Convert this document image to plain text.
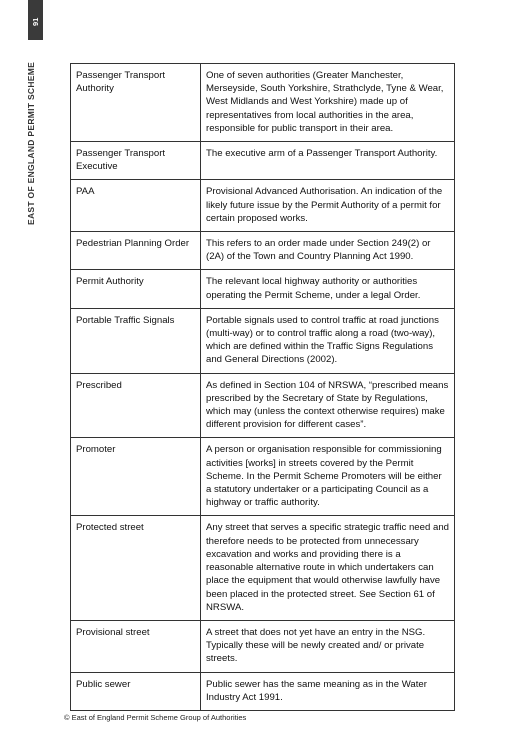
91
EAST OF ENGLAND PERMIT SCHEME	Passenger Transport Authority	One of seven authorities (Greater Manchester, Merseyside, South Yorkshire, Strathclyde, Tyne & Wear, West Midlands and West Yorkshire) made up of representatives from local authorities in the area, responsible for public transport in their area.
Passenger Transport Executive	The executive arm of a Passenger Transport Authority.
PAA	Provisional Advanced Authorisation. An indication of the likely future issue by the Permit Authority of a permit for certain proposed works.
Pedestrian Planning Order	This refers to an order made under Section 249(2) or (2A) of the Town and Country Planning Act 1990.
Permit Authority	The relevant local highway authority or authorities operating the Permit Scheme, under a legal Order.
Portable Traffic Signals	Portable signals used to control traffic at road junctions (multi-way) or to control traffic along a road (two-way), which are defined within the Traffic Signs Regulations and General Directions (2002).
Prescribed	As defined in Section 104 of NRSWA, “prescribed means prescribed by the Secretary of State by Regulations, which may (unless the context otherwise requires) make different provision for different cases”.
Promoter	A person or organisation responsible for commissioning activities [works] in streets covered by the Permit Scheme. In the Permit Scheme Promoters will be either a statutory undertaker or a participating Council as a highway or traffic authority.
Protected street	Any street that serves a specific strategic traffic need and therefore needs to be protected from unnecessary excavation and works and providing there is a reasonable alternative route in which undertakers can place the equipment that would otherwise lawfully have been placed in the protected street. See Section 61 of NRSWA.
Provisional street	A street that does not yet have an entry in the NSG. Typically these will be newly created and/ or private streets.
Public sewer	Public sewer has the same meaning as in the Water Industry Act 1991.
© East of England Permit Scheme Group of Authorities
